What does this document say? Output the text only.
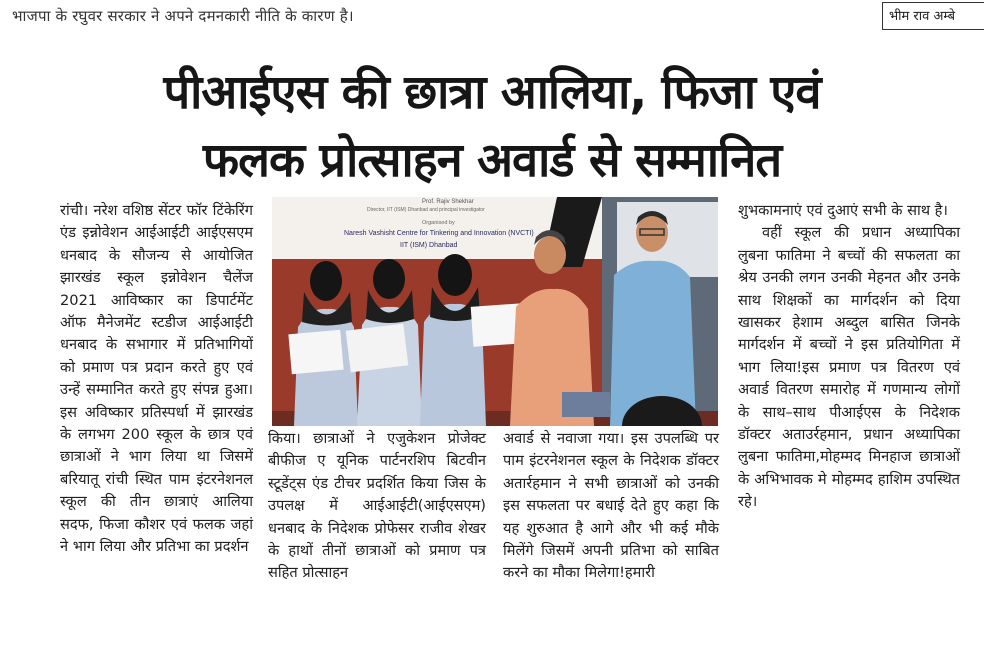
भाजपा के रघुवर सरकार ने अपने दमनकारी नीति के कारण है।	भीम राव अम्बे
पीआईएस की छात्रा आलिया, फिजा एवं
फलक प्रोत्साहन अवार्ड से सम्मानित

रांची। नरेश वशिष्ठ सेंटर फॉर टिंकेरिंग एंड इन्नोवेशन आईआईटी आईएसएम धनबाद के सौजन्य से आयोजित झारखंड स्कूल इन्नोवेशन चैलेंज 2021 आविष्कार का डिपार्टमेंट ऑफ मैनेजमेंट स्टडीज आईआईटी धनबाद के सभागार में प्रतिभागियों को प्रमाण पत्र प्रदान करते हुए एवं उन्हें सम्मानित करते हुए संपन्न हुआ। इस अविष्कार प्रतिस्पर्धा में झारखंड के लगभग 200 स्कूल के छात्र एवं छात्राओं ने भाग लिया था जिसमें बरियातू रांची स्थित पाम इंटरनेशनल स्कूल की तीन छात्राएं आलिया सदफ, फिजा कौशर एवं फलक जहां ने भाग लिया और प्रतिभा का प्रदर्शन

Prof. Rajiv Shekhar
Director, IIT (ISM) Dhanbad and principal investigator
Organised by
Naresh Vashisht Centre for Tinkering and Innovation (NVCTI)
IIT (ISM) Dhanbad

किया। छात्राओं ने एजुकेशन प्रोजेक्ट बीफीज ए यूनिक पार्टनरशिप बिटवीन स्टूडेंट्स एंड टीचर प्रदर्शित किया जिस के उपलक्ष में आईआईटी(आईएसएम) धनबाद के निदेशक प्रोफेसर राजीव शेखर के हाथों तीनों छात्राओं को प्रमाण पत्र सहित प्रोत्साहन

अवार्ड से नवाजा गया। इस उपलब्धि पर पाम इंटरनेशनल स्कूल के निदेशक डॉक्टर अतार्रहमान ने सभी छात्राओं को उनकी इस सफलता पर बधाई देते हुए कहा कि यह शुरुआत है आगे और भी कई मौके मिलेंगे जिसमें अपनी प्रतिभा को साबित करने का मौका मिलेगा!हमारी

शुभकामनाएं एवं दुआएं सभी के साथ है।

वहीं स्कूल की प्रधान अध्यापिका लुबना फातिमा ने बच्चों की सफलता का श्रेय उनकी लगन उनकी मेहनत और उनके साथ शिक्षकों का मार्गदर्शन को दिया खासकर हेशाम अब्दुल बासित जिनके मार्गदर्शन में बच्चों ने इस प्रतियोगिता में भाग लिया!इस प्रमाण पत्र वितरण एवं अवार्ड वितरण समारोह में गणमान्य लोगों के साथ–साथ पीआईएस के निदेशक डॉक्टर अताउर्रहमान, प्रधान अध्यापिका लुबना फातिमा,मोहम्मद मिनहाज छात्राओं के अभिभावक मे मोहम्मद हाशिम उपस्थित रहे।
